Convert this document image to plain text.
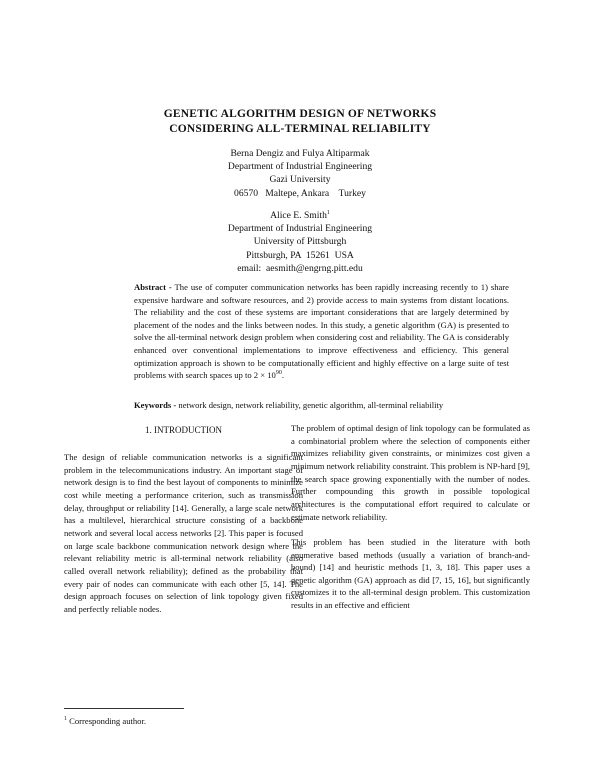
GENETIC ALGORITHM DESIGN OF NETWORKS
CONSIDERING ALL-TERMINAL RELIABILITY
Berna Dengiz and Fulya Altiparmak
Department of Industrial Engineering
Gazi University
06570   Maltepe, Ankara    Turkey
Alice E. Smith$^1$
Department of Industrial Engineering
University of Pittsburgh
Pittsburgh, PA  15261  USA
email:  aesmith@engrng.pitt.edu
Abstract - The use of computer communication networks has been rapidly increasing recently to 1) share expensive hardware and software resources, and 2) provide access to main systems from distant locations. The reliability and the cost of these systems are important considerations that are largely determined by placement of the nodes and the links between nodes. In this study, a genetic algorithm (GA) is presented to solve the all-terminal network design problem when considering cost and reliability. The GA is considerably enhanced over conventional implementations to improve effectiveness and efficiency. This general optimization approach is shown to be computationally efficient and highly effective on a large suite of test problems with search spaces up to $2 \times 10^{90}$.
Keywords - network design, network reliability, genetic algorithm, all-terminal reliability
1. INTRODUCTION

The design of reliable communication networks is a significant problem in the telecommunications industry. An important stage of network design is to find the best layout of components to minimize cost while meeting a performance criterion, such as transmission delay, throughput or reliability [14]. Generally, a large scale network has a multilevel, hierarchical structure consisting of a backbone network and several local access networks [2]. This paper is focused on large scale backbone communication network design where the relevant reliability metric is all-terminal network reliability (also called overall network reliability); defined as the probability that every pair of nodes can communicate with each other [5, 14]. The design approach focuses on selection of link topology given fixed and perfectly reliable nodes.

The problem of optimal design of link topology can be formulated as a combinatorial problem where the selection of components either maximizes reliability given constraints, or minimizes cost given a minimum network reliability constraint. This problem is NP-hard [9], the search space growing exponentially with the number of nodes. Further compounding this growth in possible topological architectures is the computational effort required to calculate or estimate network reliability.

This problem has been studied in the literature with both enumerative based methods (usually a variation of branch-and-bound) [14] and heuristic methods [1, 3, 18]. This paper uses a genetic algorithm (GA) approach as did [7, 15, 16], but significantly customizes it to the all-terminal design problem. This customization results in an effective and efficient

$^1$ Corresponding author.
